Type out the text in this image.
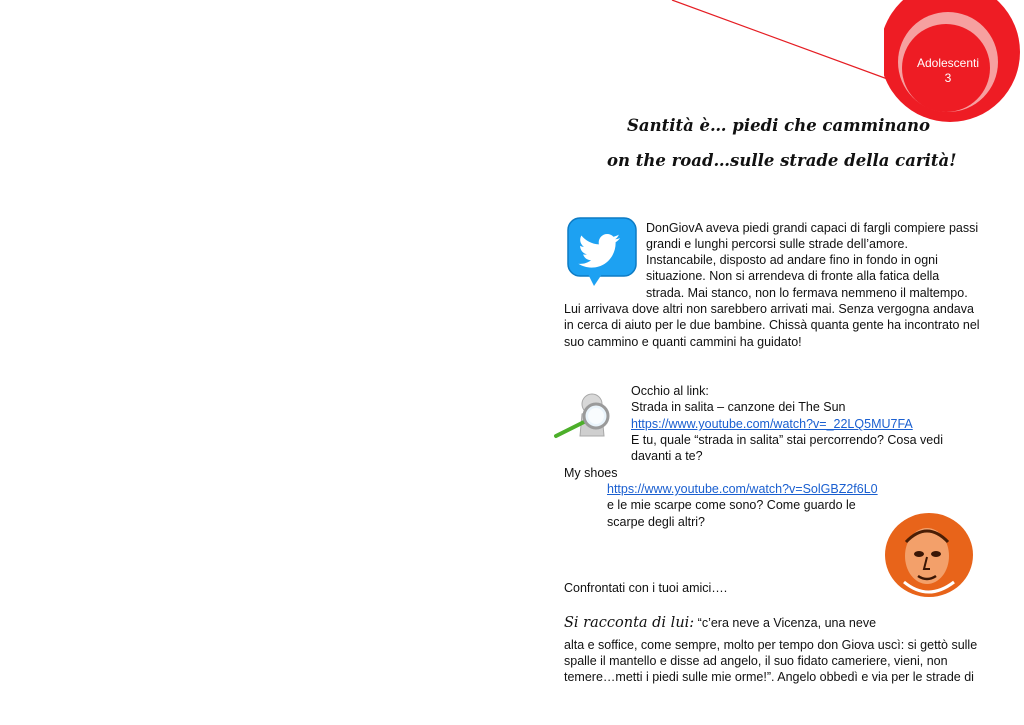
Adolescenti
3
Santità è… piedi che camminano
on the road…sulle strade della carità!
DonGiovA aveva piedi grandi capaci di fargli compiere passi
grandi e lunghi percorsi sulle strade dell’amore.
Instancabile, disposto ad andare fino in fondo in ogni
situazione. Non si arrendeva di fronte alla fatica della
strada. Mai stanco, non lo fermava nemmeno il maltempo.
Lui arrivava dove altri non sarebbero arrivati mai. Senza vergogna andava
in cerca di aiuto per le due bambine. Chissà quanta gente ha incontrato nel
suo cammino e quanti cammini ha guidato!
Occhio al link:
Strada in salita – canzone dei The Sun
https://www.youtube.com/watch?v=_22LQ5MU7FA
E tu, quale “strada in salita” stai percorrendo? Cosa vedi
davanti a te?
My shoes
https://www.youtube.com/watch?v=SolGBZ2f6L0
e le mie scarpe come sono? Come guardo le
scarpe degli altri?
Confrontati con i tuoi amici….
Si racconta di lui: “c’era neve a Vicenza, una neve
alta e soffice, come sempre, molto per tempo don Giova uscì: si gettò sulle
spalle il mantello e disse ad angelo, il suo fidato cameriere, vieni, non
temere…metti i piedi sulle mie orme!”. Angelo obbedì e via per le strade di
